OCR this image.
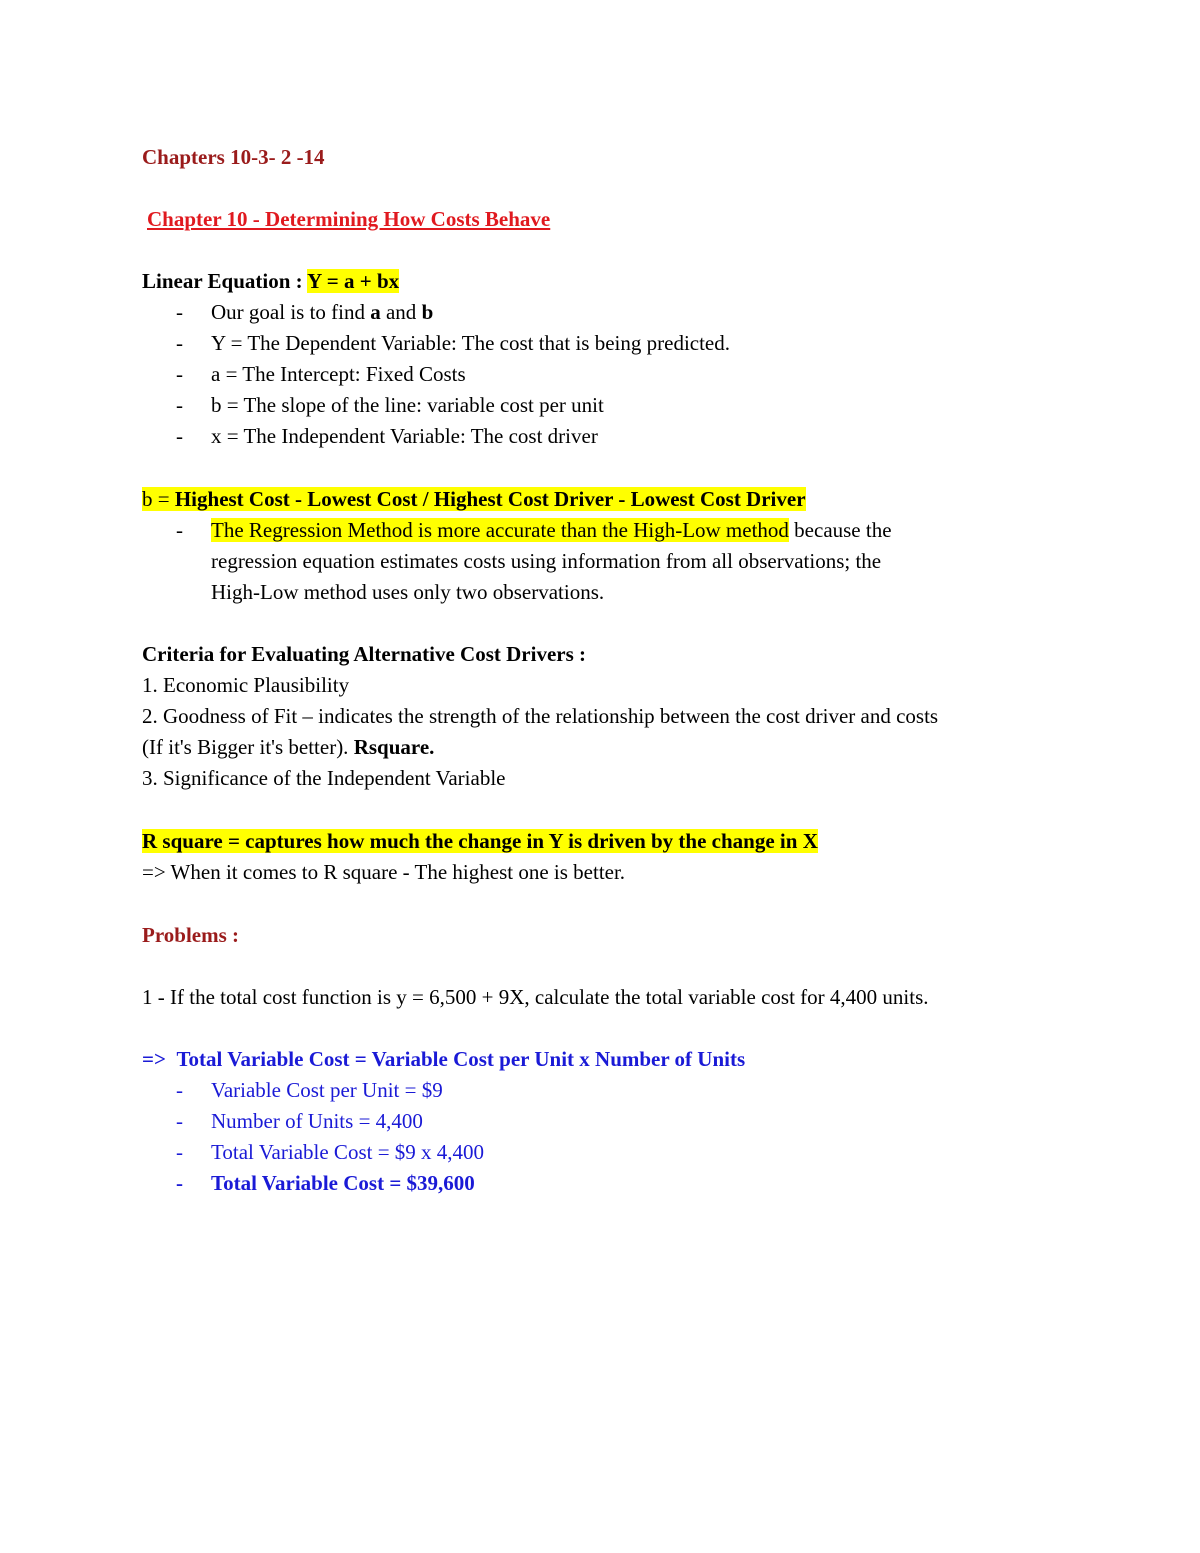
Chapters 10-3- 2 -14
Chapter 10 - Determining How Costs Behave
Linear Equation : Y = a + bx
- Our goal is to find a and b
- Y = The Dependent Variable: The cost that is being predicted.
- a = The Intercept: Fixed Costs
- b = The slope of the line: variable cost per unit
- x = The Independent Variable: The cost driver
b = Highest Cost - Lowest Cost / Highest Cost Driver - Lowest Cost Driver
- The Regression Method is more accurate than the High-Low method because the
regression equation estimates costs using information from all observations; the
High-Low method uses only two observations.
Criteria for Evaluating Alternative Cost Drivers :
1. Economic Plausibility
2. Goodness of Fit – indicates the strength of the relationship between the cost driver and costs
(If it's Bigger it's better). Rsquare.
3. Significance of the Independent Variable
R square = captures how much the change in Y is driven by the change in X
=> When it comes to R square - The highest one is better.
Problems :
1 - If the total cost function is y = 6,500 + 9X, calculate the total variable cost for 4,400 units.
=> Total Variable Cost = Variable Cost per Unit x Number of Units
- Variable Cost per Unit = $9
- Number of Units = 4,400
- Total Variable Cost = $9 x 4,400
- Total Variable Cost = $39,600
